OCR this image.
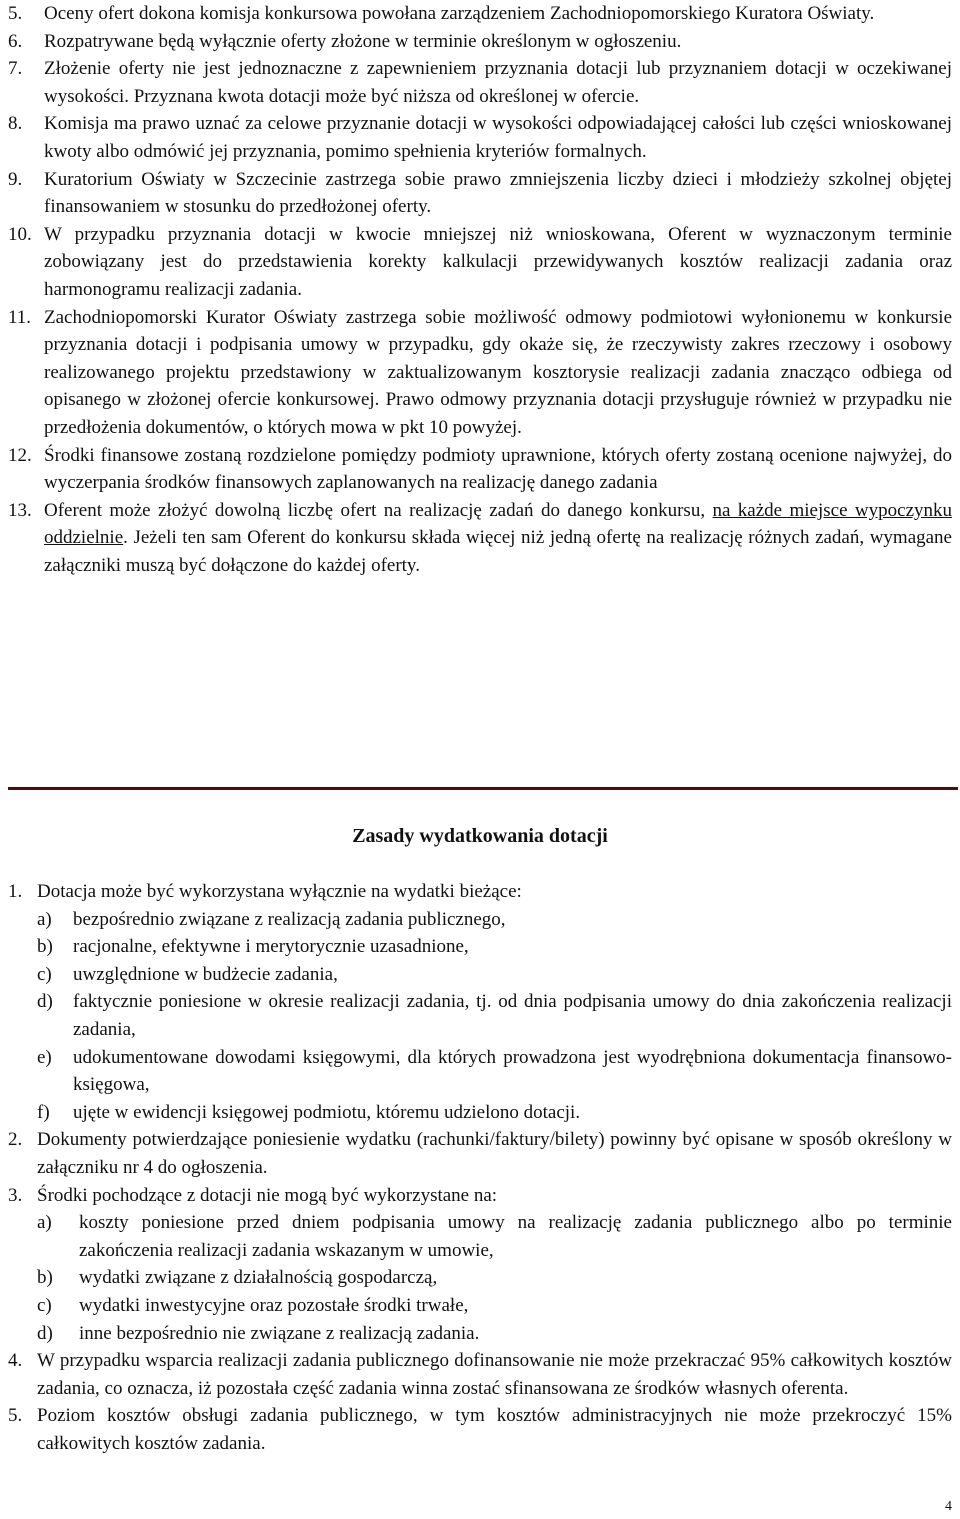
5. Oceny ofert dokona komisja konkursowa powołana zarządzeniem Zachodniopomorskiego Kuratora Oświaty.
6. Rozpatrywane będą wyłącznie oferty złożone w terminie określonym w ogłoszeniu.
7. Złożenie oferty nie jest jednoznaczne z zapewnieniem przyznania dotacji lub przyznaniem dotacji w oczekiwanej wysokości. Przyznana kwota dotacji może być niższa od określonej w ofercie.
8. Komisja ma prawo uznać za celowe przyznanie dotacji w wysokości odpowiadającej całości lub części wnioskowanej kwoty albo odmówić jej przyznania, pomimo spełnienia kryteriów formalnych.
9. Kuratorium Oświaty w Szczecinie zastrzega sobie prawo zmniejszenia liczby dzieci i młodzieży szkolnej objętej finansowaniem w stosunku do przedłożonej oferty.
10. W przypadku przyznania dotacji w kwocie mniejszej niż wnioskowana, Oferent w wyznaczonym terminie zobowiązany jest do przedstawienia korekty kalkulacji przewidywanych kosztów realizacji zadania oraz harmonogramu realizacji zadania.
11. Zachodniopomorski Kurator Oświaty zastrzega sobie możliwość odmowy podmiotowi wyłonionemu w konkursie przyznania dotacji i podpisania umowy w przypadku, gdy okaże się, że rzeczywisty zakres rzeczowy i osobowy realizowanego projektu przedstawiony w zaktualizowanym kosztorysie realizacji zadania znacząco odbiega od opisanego w złożonej ofercie konkursowej. Prawo odmowy przyznania dotacji przysługuje również w przypadku nie przedłożenia dokumentów, o których mowa w pkt 10 powyżej.
12. Środki finansowe zostaną rozdzielone pomiędzy podmioty uprawnione, których oferty zostaną ocenione najwyżej, do wyczerpania środków finansowych zaplanowanych na realizację danego zadania
13. Oferent może złożyć dowolną liczbę ofert na realizację zadań do danego konkursu, na każde miejsce wypoczynku oddzielnie. Jeżeli ten sam Oferent do konkursu składa więcej niż jedną ofertę na realizację różnych zadań, wymagane załączniki muszą być dołączone do każdej oferty.
Zasady wydatkowania dotacji
1. Dotacja może być wykorzystana wyłącznie na wydatki bieżące:
a) bezpośrednio związane z realizacją zadania publicznego,
b) racjonalne, efektywne i merytorycznie uzasadnione,
c) uwzględnione w budżecie zadania,
d) faktycznie poniesione w okresie realizacji zadania, tj. od dnia podpisania umowy do dnia zakończenia realizacji zadania,
e) udokumentowane dowodami księgowymi, dla których prowadzona jest wyodrębniona dokumentacja finansowo-księgowa,
f) ujęte w ewidencji księgowej podmiotu, któremu udzielono dotacji.
2. Dokumenty potwierdzające poniesienie wydatku (rachunki/faktury/bilety) powinny być opisane w sposób określony w załączniku nr 4 do ogłoszenia.
3. Środki pochodzące z dotacji nie mogą być wykorzystane na:
a) koszty poniesione przed dniem podpisania umowy na realizację zadania publicznego albo po terminie zakończenia realizacji zadania wskazanym w umowie,
b) wydatki związane z działalnością gospodarczą,
c) wydatki inwestycyjne oraz pozostałe środki trwałe,
d) inne bezpośrednio nie związane z realizacją zadania.
4. W przypadku wsparcia realizacji zadania publicznego dofinansowanie nie może przekraczać 95% całkowitych kosztów zadania, co oznacza, iż pozostała część zadania winna zostać sfinansowana ze środków własnych oferenta.
5. Poziom kosztów obsługi zadania publicznego, w tym kosztów administracyjnych nie może przekroczyć 15% całkowitych kosztów zadania.
4
